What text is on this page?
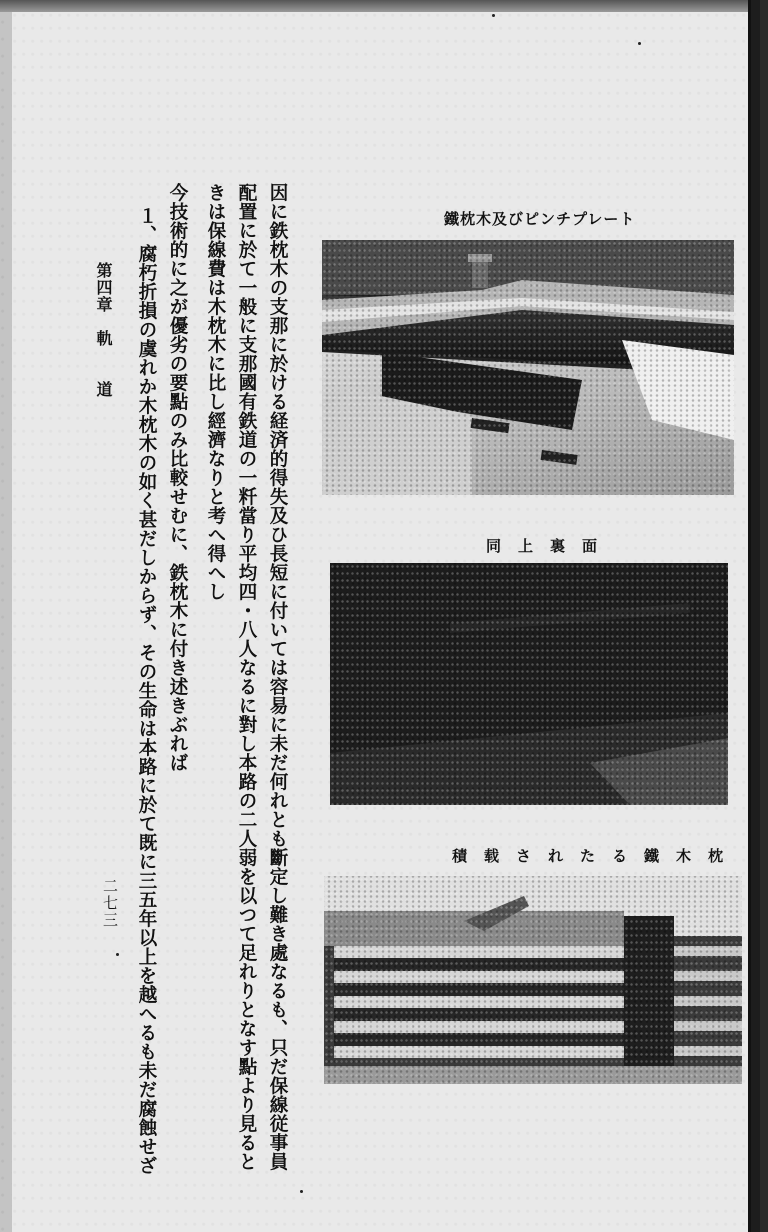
因に鉄枕木の支那に於ける経済的得失及ひ長短に付いては容易に未だ何れとも斷定し難き處なるも、只だ保線従事員
配置に於て一般に支那國有鉄道の一粁當り平均四・八人なるに對し本路の二人弱を以つて足れりとなす點より見ると
きは保線費は木枕木に比し經濟なりと考へ得へし
今技術的に之が優劣の要點のみ比較せむに、鉄枕木に付き述きぶれば
１、腐朽折損の虞れか木枕木の如く甚だしからず、その生命は本路に於て既に三五年以上を越へるも未だ腐蝕せざ
第四章　軌　　道
二七三
鐵枕木及びピンチプレート
同　上　裏　面
積　载　さ　れ　た　る　鐵　木　枕
